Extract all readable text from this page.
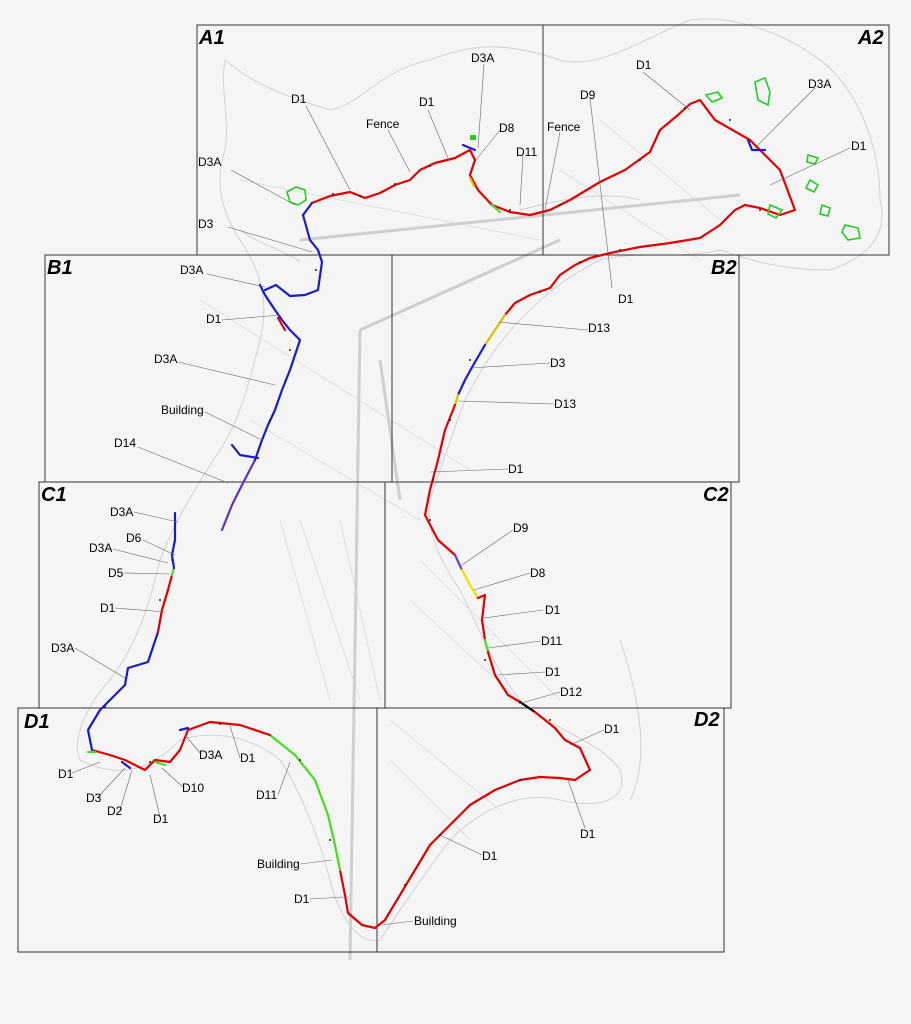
A1	A2
B1	B2
C1	C2
D1	D2
D3A
D1
Fence
D1
D8
D11
D3A
D3
D1
D9
Fence
D3A
D1
D3A
D1
D3A
Building
D14
D1
D13
D3
D13
D1
D3A
D6
D3A
D5
D1
D3A
D9
D8
D1
D11
D1
D12
D1
D3
D2
D1
D10
D3A D1
D11
Building
D1
D1
D1
D1
Building
